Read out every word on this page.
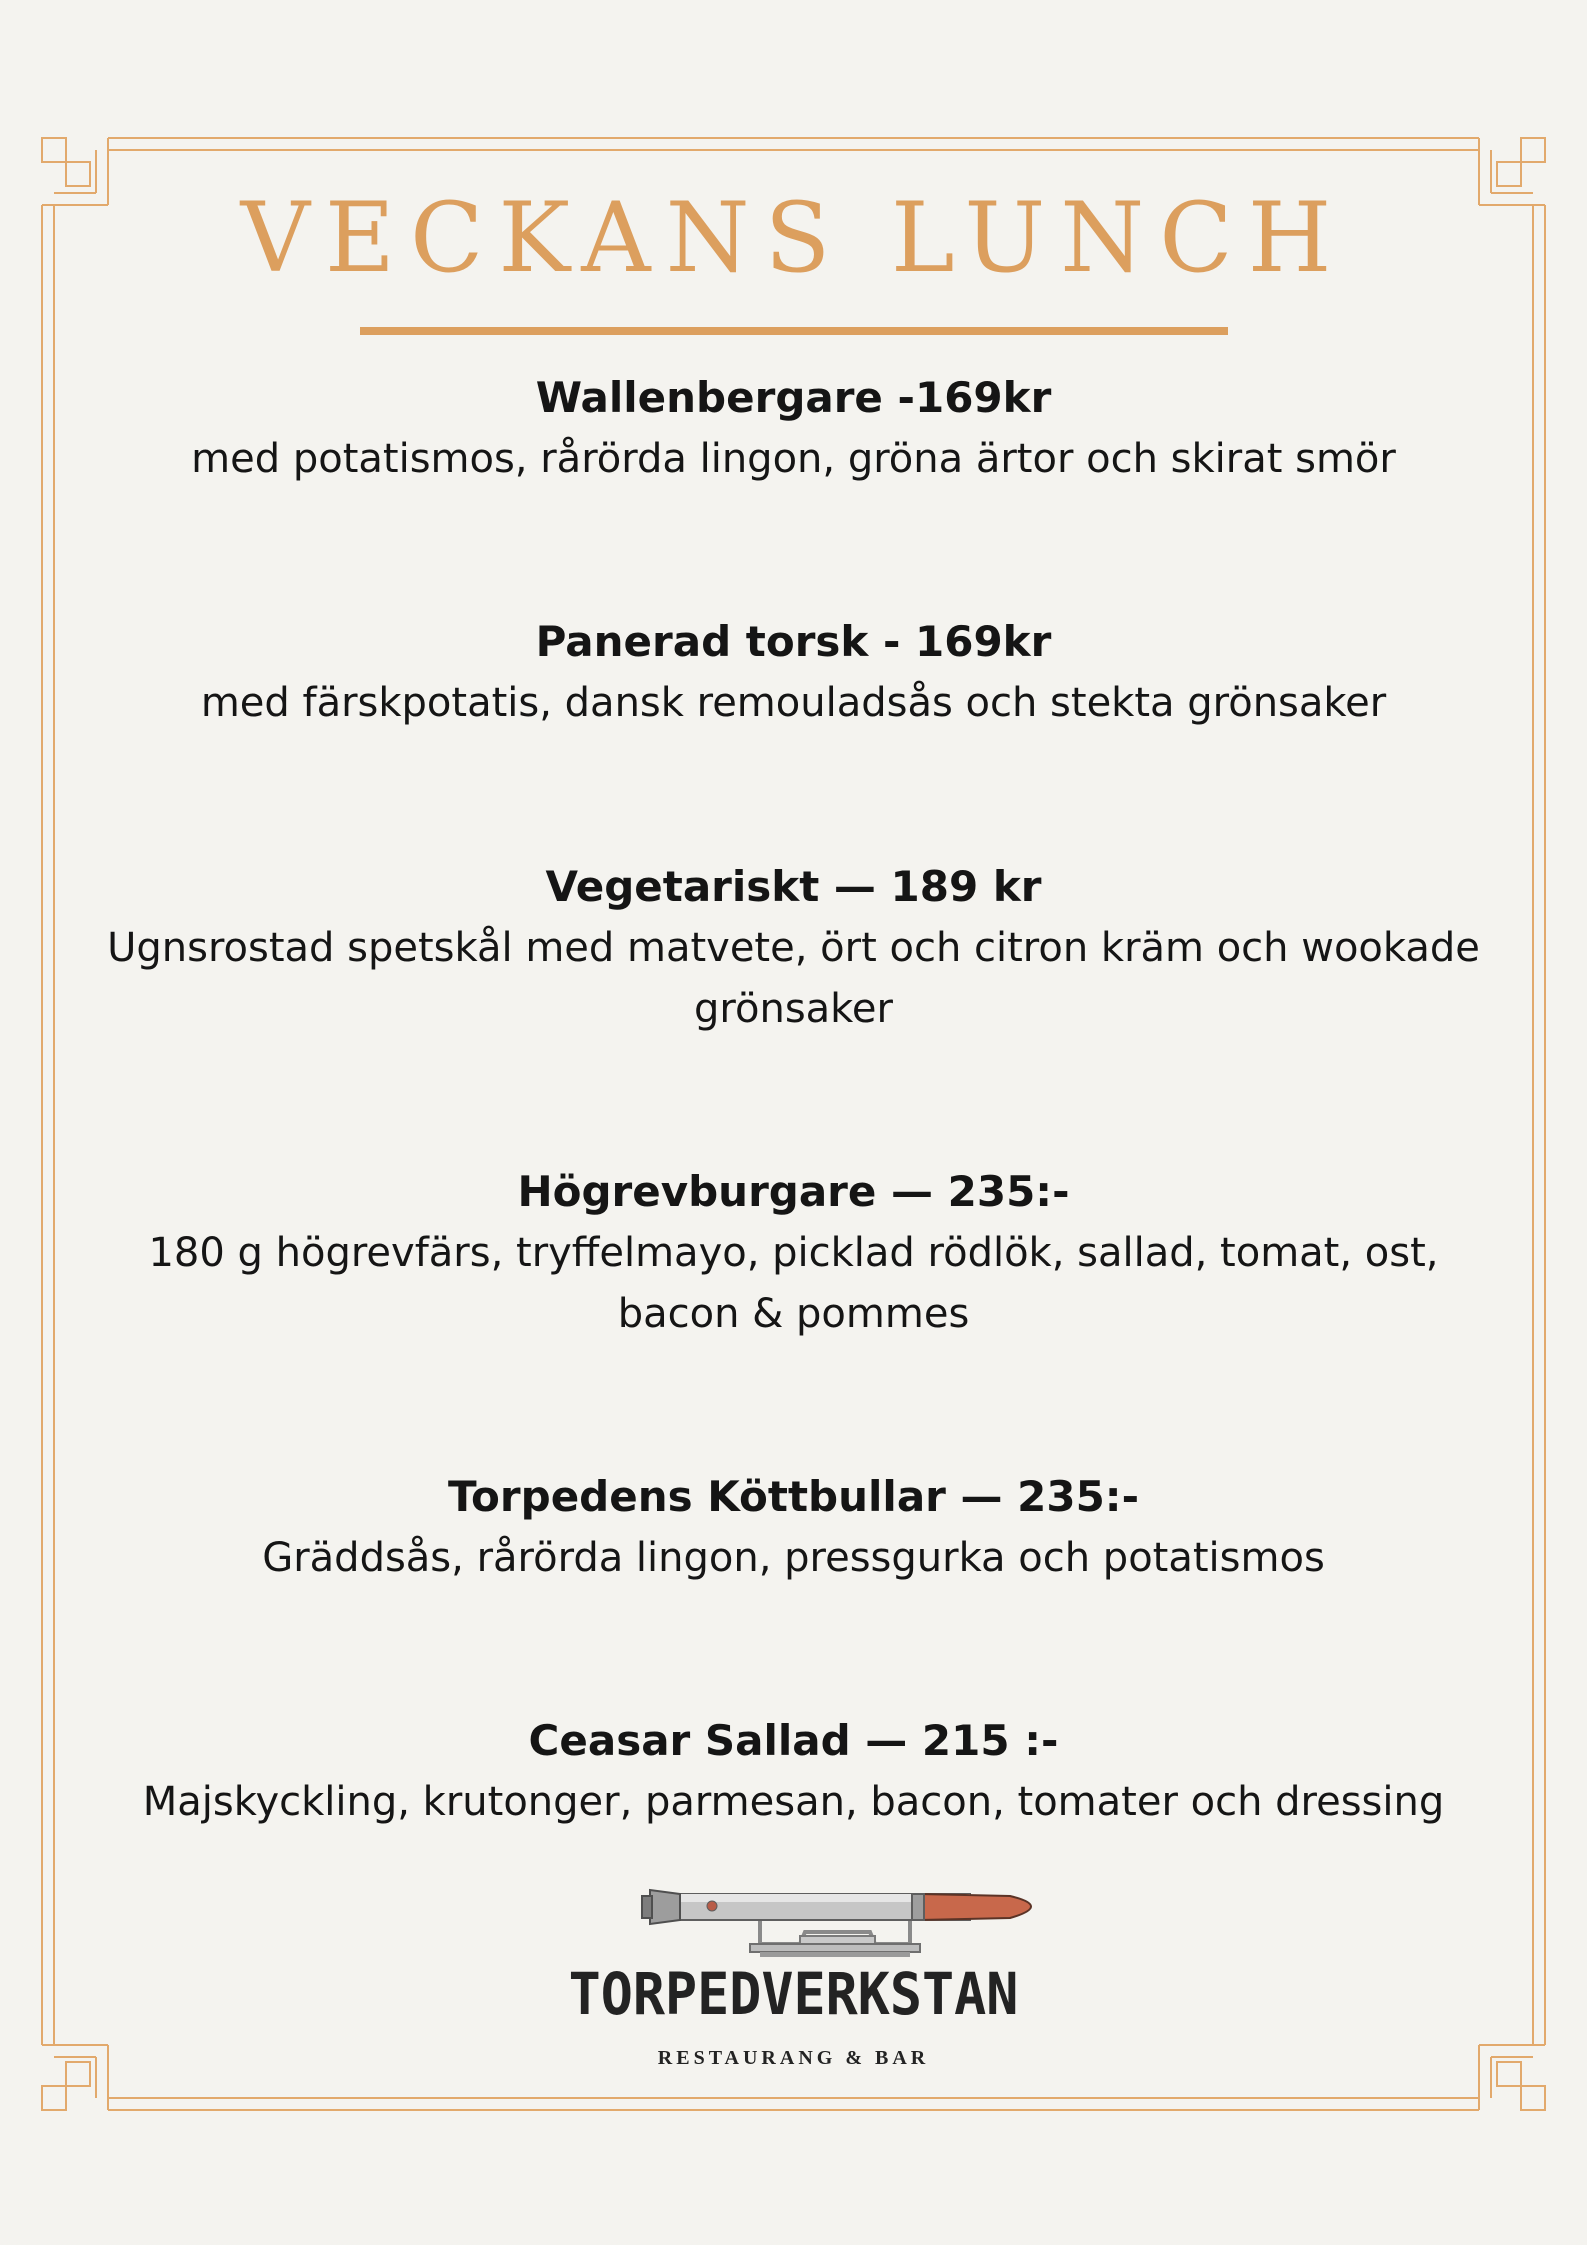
VECKANS LUNCH
Wallenbergare -169kr
med potatismos, rårörda lingon, gröna ärtor och skirat smör
Panerad torsk - 169kr
med färskpotatis, dansk remouladsås och stekta grönsaker
Vegetariskt — 189 kr
Ugnsrostad spetskål med matvete, ört och citron kräm och wookade
grönsaker
Högrevburgare — 235:-
180 g högrevfärs, tryffelmayo, picklad rödlök, sallad, tomat, ost,
bacon & pommes
Torpedens Köttbullar — 235:-
Gräddsås, rårörda lingon, pressgurka och potatismos
Ceasar Sallad — 215 :-
Majskyckling, krutonger, parmesan, bacon, tomater och dressing
TORPEDVERKSTAN
RESTAURANG & BAR
